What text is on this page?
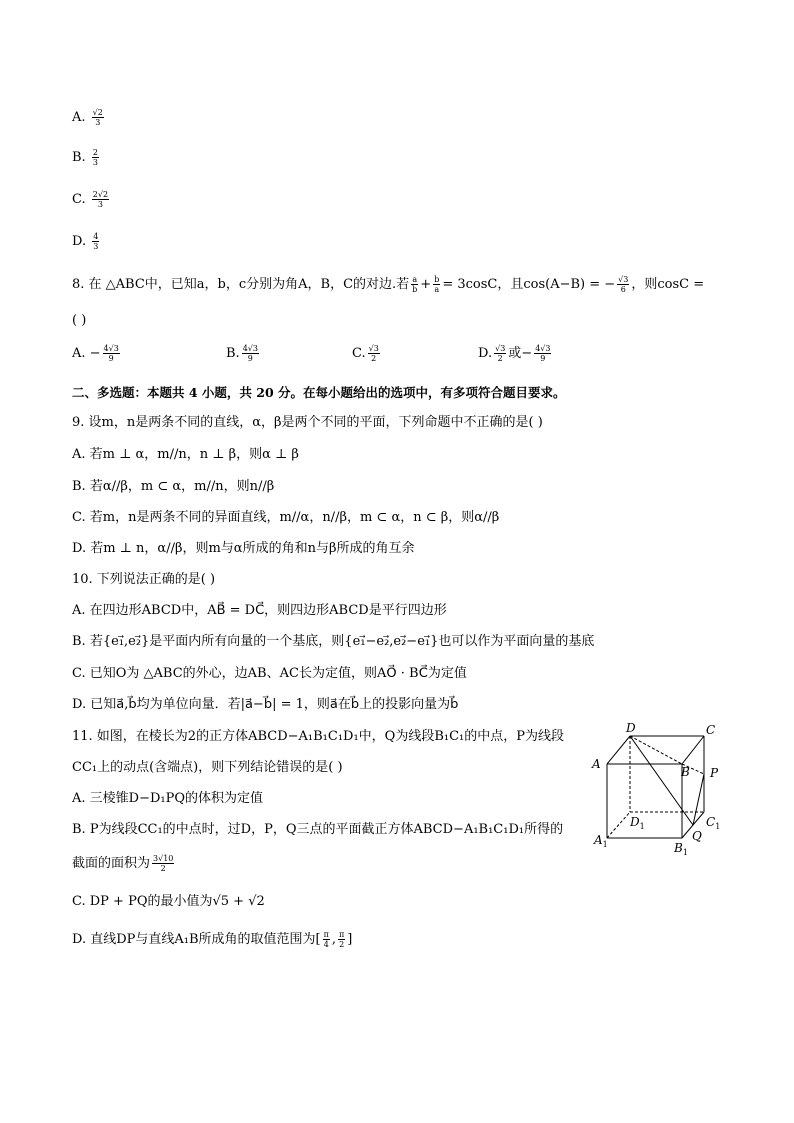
A. $\frac{√2}{3}$
B. $\frac{2}{3}$
C. $\frac{2√2}{3}$
D. $\frac{4}{3}$
8. 在 △ABC中，已知a，b，c分别为角A，B，C的对边.若 $\frac{a}{b} + \frac{b}{a} = 3\cos C$，且cos(A−B) = − $\frac{√3}{6}$ ，则cosC =
( )
A. − $\frac{4√3}{9}$	B. $\frac{4√3}{9}$	C. $\frac{√3}{2}$	D. $\frac{√3}{2}$ 或− $\frac{4√3}{9}$
二、多选题：本题共 4 小题，共 20 分。在每小题给出的选项中，有多项符合题目要求。
9. 设m，n是两条不同的直线，α，β是两个不同的平面，下列命题中不正确的是( )
A. 若m ⊥ α，m//n，n ⊥ β，则α ⊥ β
B. 若α//β，m ⊂ α，m//n，则n//β
C. 若m，n是两条不同的异面直线，m//α，n//β，m ⊂ α，n ⊂ β，则α//β
D. 若m ⊥ n，α//β，则m与α所成的角和n与β所成的角互余
10. 下列说法正确的是( )
A. 在四边形ABCD中，AB⃗ = DC⃗，则四边形ABCD是平行四边形
B. 若{e₁⃗,e₂⃗}是平面内所有向量的一个基底，则{e₁⃗−e₂⃗,e₂⃗−e₁⃗}也可以作为平面向量的基底
C. 已知O为 △ABC的外心，边AB、AC长为定值，则AO⃗ · BC⃗为定值
D. 已知a⃗,b⃗均为单位向量．若|a⃗−b⃗| = 1，则a⃗在b⃗上的投影向量为b⃗
11. 如图，在棱长为2的正方体ABCD−A₁B₁C₁D₁中，Q为线段B₁C₁的中点，P为线段
CC₁上的动点(含端点)，则下列结论错误的是( )
A. 三棱锥D−D₁PQ的体积为定值
B. P为线段CC₁的中点时，过D，P，Q三点的平面截正方体ABCD−A₁B₁C₁D₁所得的
截面的面积为 $\frac{3√10}{2}$
C. DP + PQ的最小值为√5 + √2
D. 直线DP与直线A₁B所成角的取值范围为[ $\frac{\pi}{4}$ , $\frac{\pi}{2}$ ]
D	C
A
B P
$D_1$	$C_1$
$A_1$	$B_1$
Q
